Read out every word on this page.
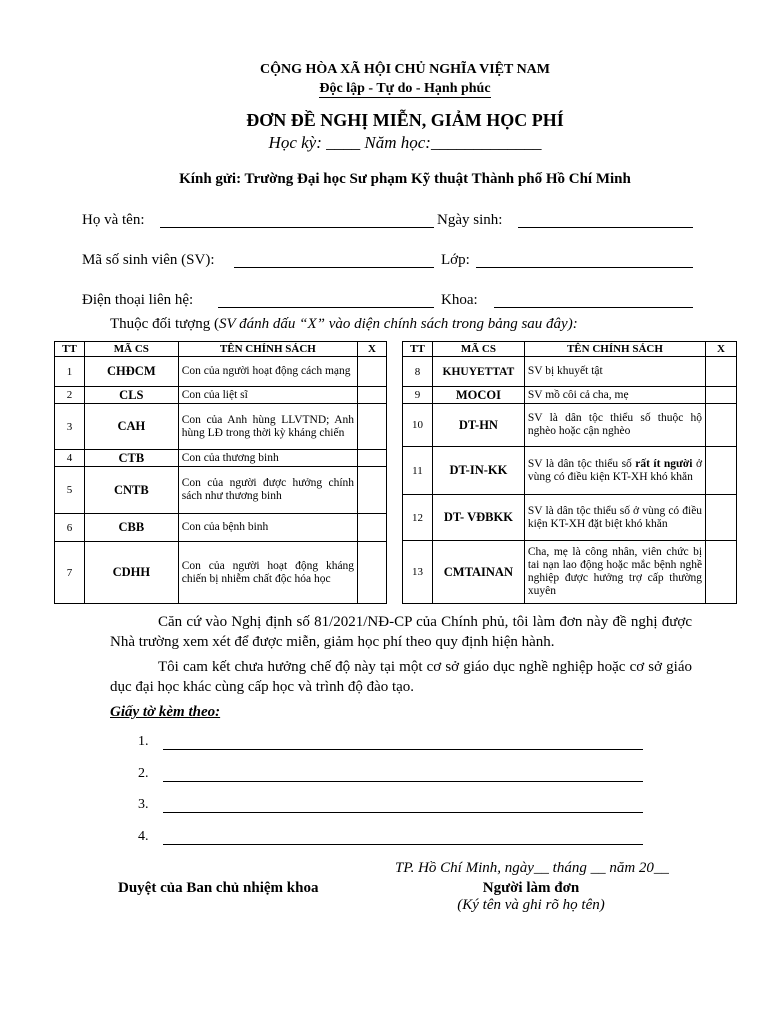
CỘNG HÒA XÃ HỘI CHỦ NGHĨA VIỆT NAM
Độc lập - Tự do - Hạnh phúc
ĐƠN ĐỀ NGHỊ MIỄN, GIẢM HỌC PHÍ
Học kỳ: ____ Năm học:_____________
Kính gửi: Trường Đại học Sư phạm Kỹ thuật Thành phố Hồ Chí Minh
Họ và tên:	Ngày sinh:
Mã số sinh viên (SV):	Lớp:
Điện thoại liên hệ:	Khoa:
Thuộc đối tượng (SV đánh dấu “X” vào diện chính sách trong bảng sau đây):
TT	MÃ CS	TÊN CHÍNH SÁCH	X
1	CHĐCM	Con của người hoạt động cách mạng	
2	CLS	Con của liệt sĩ	
3	CAH	Con của Anh hùng LLVTND; Anh hùng LĐ trong thời kỳ kháng chiến	
4	CTB	Con của thương binh	
5	CNTB	Con của người được hưởng chính sách như thương binh	
6	CBB	Con của bệnh binh	
7	CDHH	Con của người hoạt động kháng chiến bị nhiễm chất độc hóa học	
TT	MÃ CS	TÊN CHÍNH SÁCH	X
8	KHUYETTAT	SV bị khuyết tật	
9	MOCOI	SV mồ côi cả cha, mẹ	
10	DT-HN	SV là dân tộc thiểu số thuộc hộ nghèo hoặc cận nghèo	
11	DT-IN-KK	SV là dân tộc thiểu số rất ít người ở vùng có điều kiện KT-XH khó khăn	
12	DT- VĐBKK	SV là dân tộc thiểu số ở vùng có điều kiện KT-XH đặt biệt khó khăn	
13	CMTAINAN	Cha, mẹ là công nhân, viên chức bị tai nạn lao động hoặc mắc bệnh nghề nghiệp được hưởng trợ cấp thường xuyên	
Căn cứ vào Nghị định số 81/2021/NĐ-CP của Chính phủ, tôi làm đơn này đề nghị được Nhà trường xem xét để được miễn, giảm học phí theo quy định hiện hành.
Tôi cam kết chưa hưởng chế độ này tại một cơ sở giáo dục nghề nghiệp hoặc cơ sở giáo dục đại học khác cùng cấp học và trình độ đào tạo.
Giấy tờ kèm theo:
1.
2.
3.
4.
TP. Hồ Chí Minh, ngày__ tháng __ năm 20__
Duyệt của Ban chủ nhiệm khoa	Người làm đơn
(Ký tên và ghi rõ họ tên)
